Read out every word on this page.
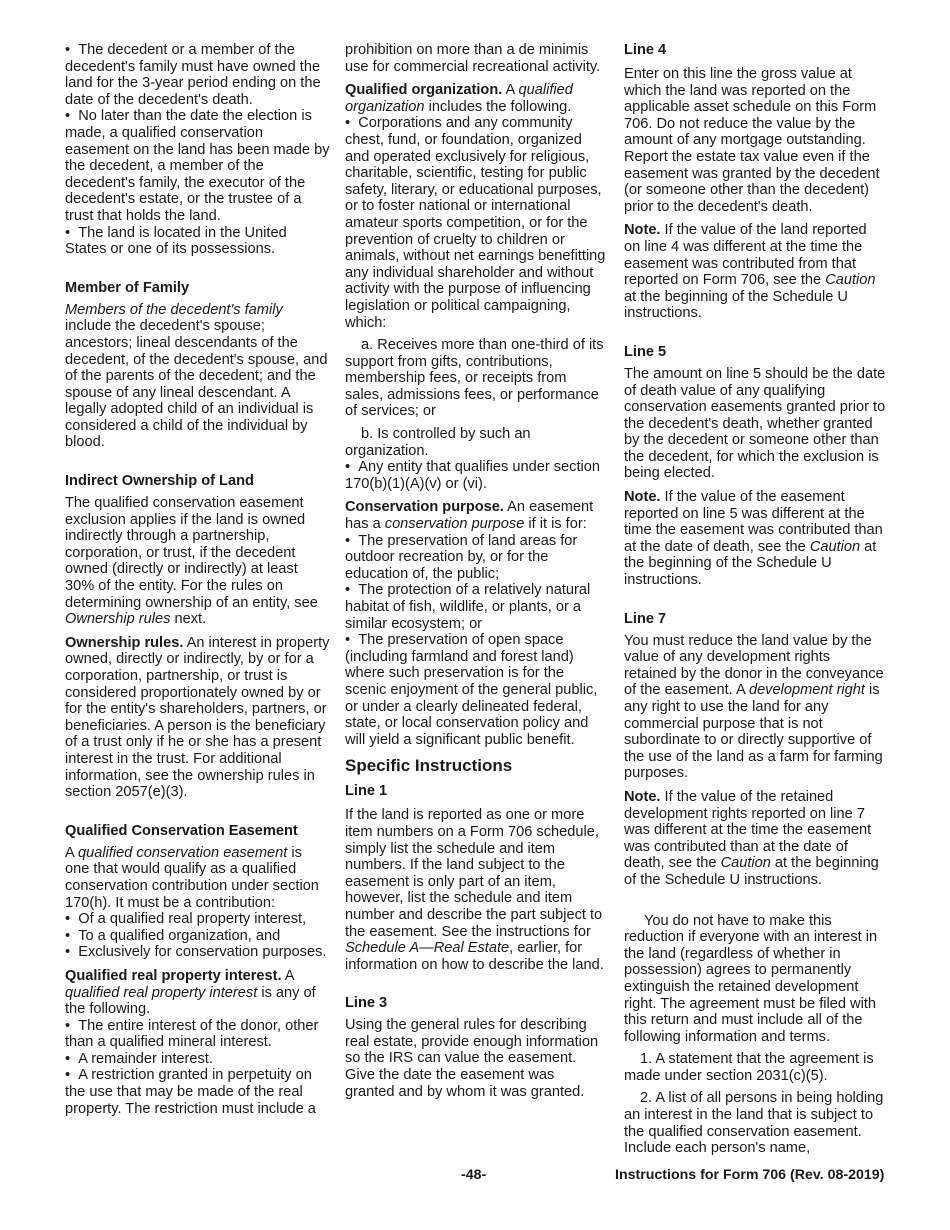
•  The decedent or a member of the decedent's family must have owned the land for the 3-year period ending on the date of the decedent's death.

•  No later than the date the election is made, a qualified conservation easement on the land has been made by the decedent, a member of the decedent's family, the executor of the decedent's estate, or the trustee of a trust that holds the land.

•  The land is located in the United States or one of its possessions.

Member of Family

Members of the decedent's family include the decedent's spouse; ancestors; lineal descendants of the decedent, of the decedent's spouse, and of the parents of the decedent; and the spouse of any lineal descendant. A legally adopted child of an individual is considered a child of the individual by blood.

Indirect Ownership of Land

The qualified conservation easement exclusion applies if the land is owned indirectly through a partnership, corporation, or trust, if the decedent owned (directly or indirectly) at least 30% of the entity. For the rules on determining ownership of an entity, see Ownership rules next.

Ownership rules. An interest in property owned, directly or indirectly, by or for a corporation, partnership, or trust is considered proportionately owned by or for the entity's shareholders, partners, or beneficiaries. A person is the beneficiary of a trust only if he or she has a present interest in the trust. For additional information, see the ownership rules in section 2057(e)(3).

Qualified Conservation Easement

A qualified conservation easement is one that would qualify as a qualified conservation contribution under section 170(h). It must be a contribution:

•  Of a qualified real property interest,

•  To a qualified organization, and

•  Exclusively for conservation purposes.

Qualified real property interest. A qualified real property interest is any of the following.

•  The entire interest of the donor, other than a qualified mineral interest.

•  A remainder interest.

•  A restriction granted in perpetuity on the use that may be made of the real property. The restriction must include a

prohibition on more than a de minimis use for commercial recreational activity.

Qualified organization. A qualified organization includes the following.

•  Corporations and any community chest, fund, or foundation, organized and operated exclusively for religious, charitable, scientific, testing for public safety, literary, or educational purposes, or to foster national or international amateur sports competition, or for the prevention of cruelty to children or animals, without net earnings benefitting any individual shareholder and without activity with the purpose of influencing legislation or political campaigning, which:

a. Receives more than one-third of its support from gifts, contributions, membership fees, or receipts from sales, admissions fees, or performance of services; or

b. Is controlled by such an organization.

•  Any entity that qualifies under section 170(b)(1)(A)(v) or (vi).

Conservation purpose. An easement has a conservation purpose if it is for:

•  The preservation of land areas for outdoor recreation by, or for the education of, the public;

•  The protection of a relatively natural habitat of fish, wildlife, or plants, or a similar ecosystem; or

•  The preservation of open space (including farmland and forest land) where such preservation is for the scenic enjoyment of the general public, or under a clearly delineated federal, state, or local conservation policy and will yield a significant public benefit.

Specific Instructions
Line 1

If the land is reported as one or more item numbers on a Form 706 schedule, simply list the schedule and item numbers. If the land subject to the easement is only part of an item, however, list the schedule and item number and describe the part subject to the easement. See the instructions for Schedule A—Real Estate, earlier, for information on how to describe the land.

Line 3

Using the general rules for describing real estate, provide enough information so the IRS can value the easement. Give the date the easement was granted and by whom it was granted.

Line 4

Enter on this line the gross value at which the land was reported on the applicable asset schedule on this Form 706. Do not reduce the value by the amount of any mortgage outstanding. Report the estate tax value even if the easement was granted by the decedent (or someone other than the decedent) prior to the decedent's death.

Note. If the value of the land reported on line 4 was different at the time the easement was contributed from that reported on Form 706, see the Caution at the beginning of the Schedule U instructions.

Line 5

The amount on line 5 should be the date of death value of any qualifying conservation easements granted prior to the decedent's death, whether granted by the decedent or someone other than the decedent, for which the exclusion is being elected.

Note. If the value of the easement reported on line 5 was different at the time the easement was contributed than at the date of death, see the Caution at the beginning of the Schedule U instructions.

Line 7

You must reduce the land value by the value of any development rights retained by the donor in the conveyance of the easement. A development right is any right to use the land for any commercial purpose that is not subordinate to or directly supportive of the use of the land as a farm for farming purposes.

Note. If the value of the retained development rights reported on line 7 was different at the time the easement was contributed than at the date of death, see the Caution at the beginning of the Schedule U instructions.

You do not have to make this reduction if everyone with an interest in the land (regardless of whether in possession) agrees to permanently extinguish the retained development right. The agreement must be filed with this return and must include all of the following information and terms.

1. A statement that the agreement is made under section 2031(c)(5).

2. A list of all persons in being holding an interest in the land that is subject to the qualified conservation easement. Include each person's name,

-48-	Instructions for Form 706 (Rev. 08-2019)
